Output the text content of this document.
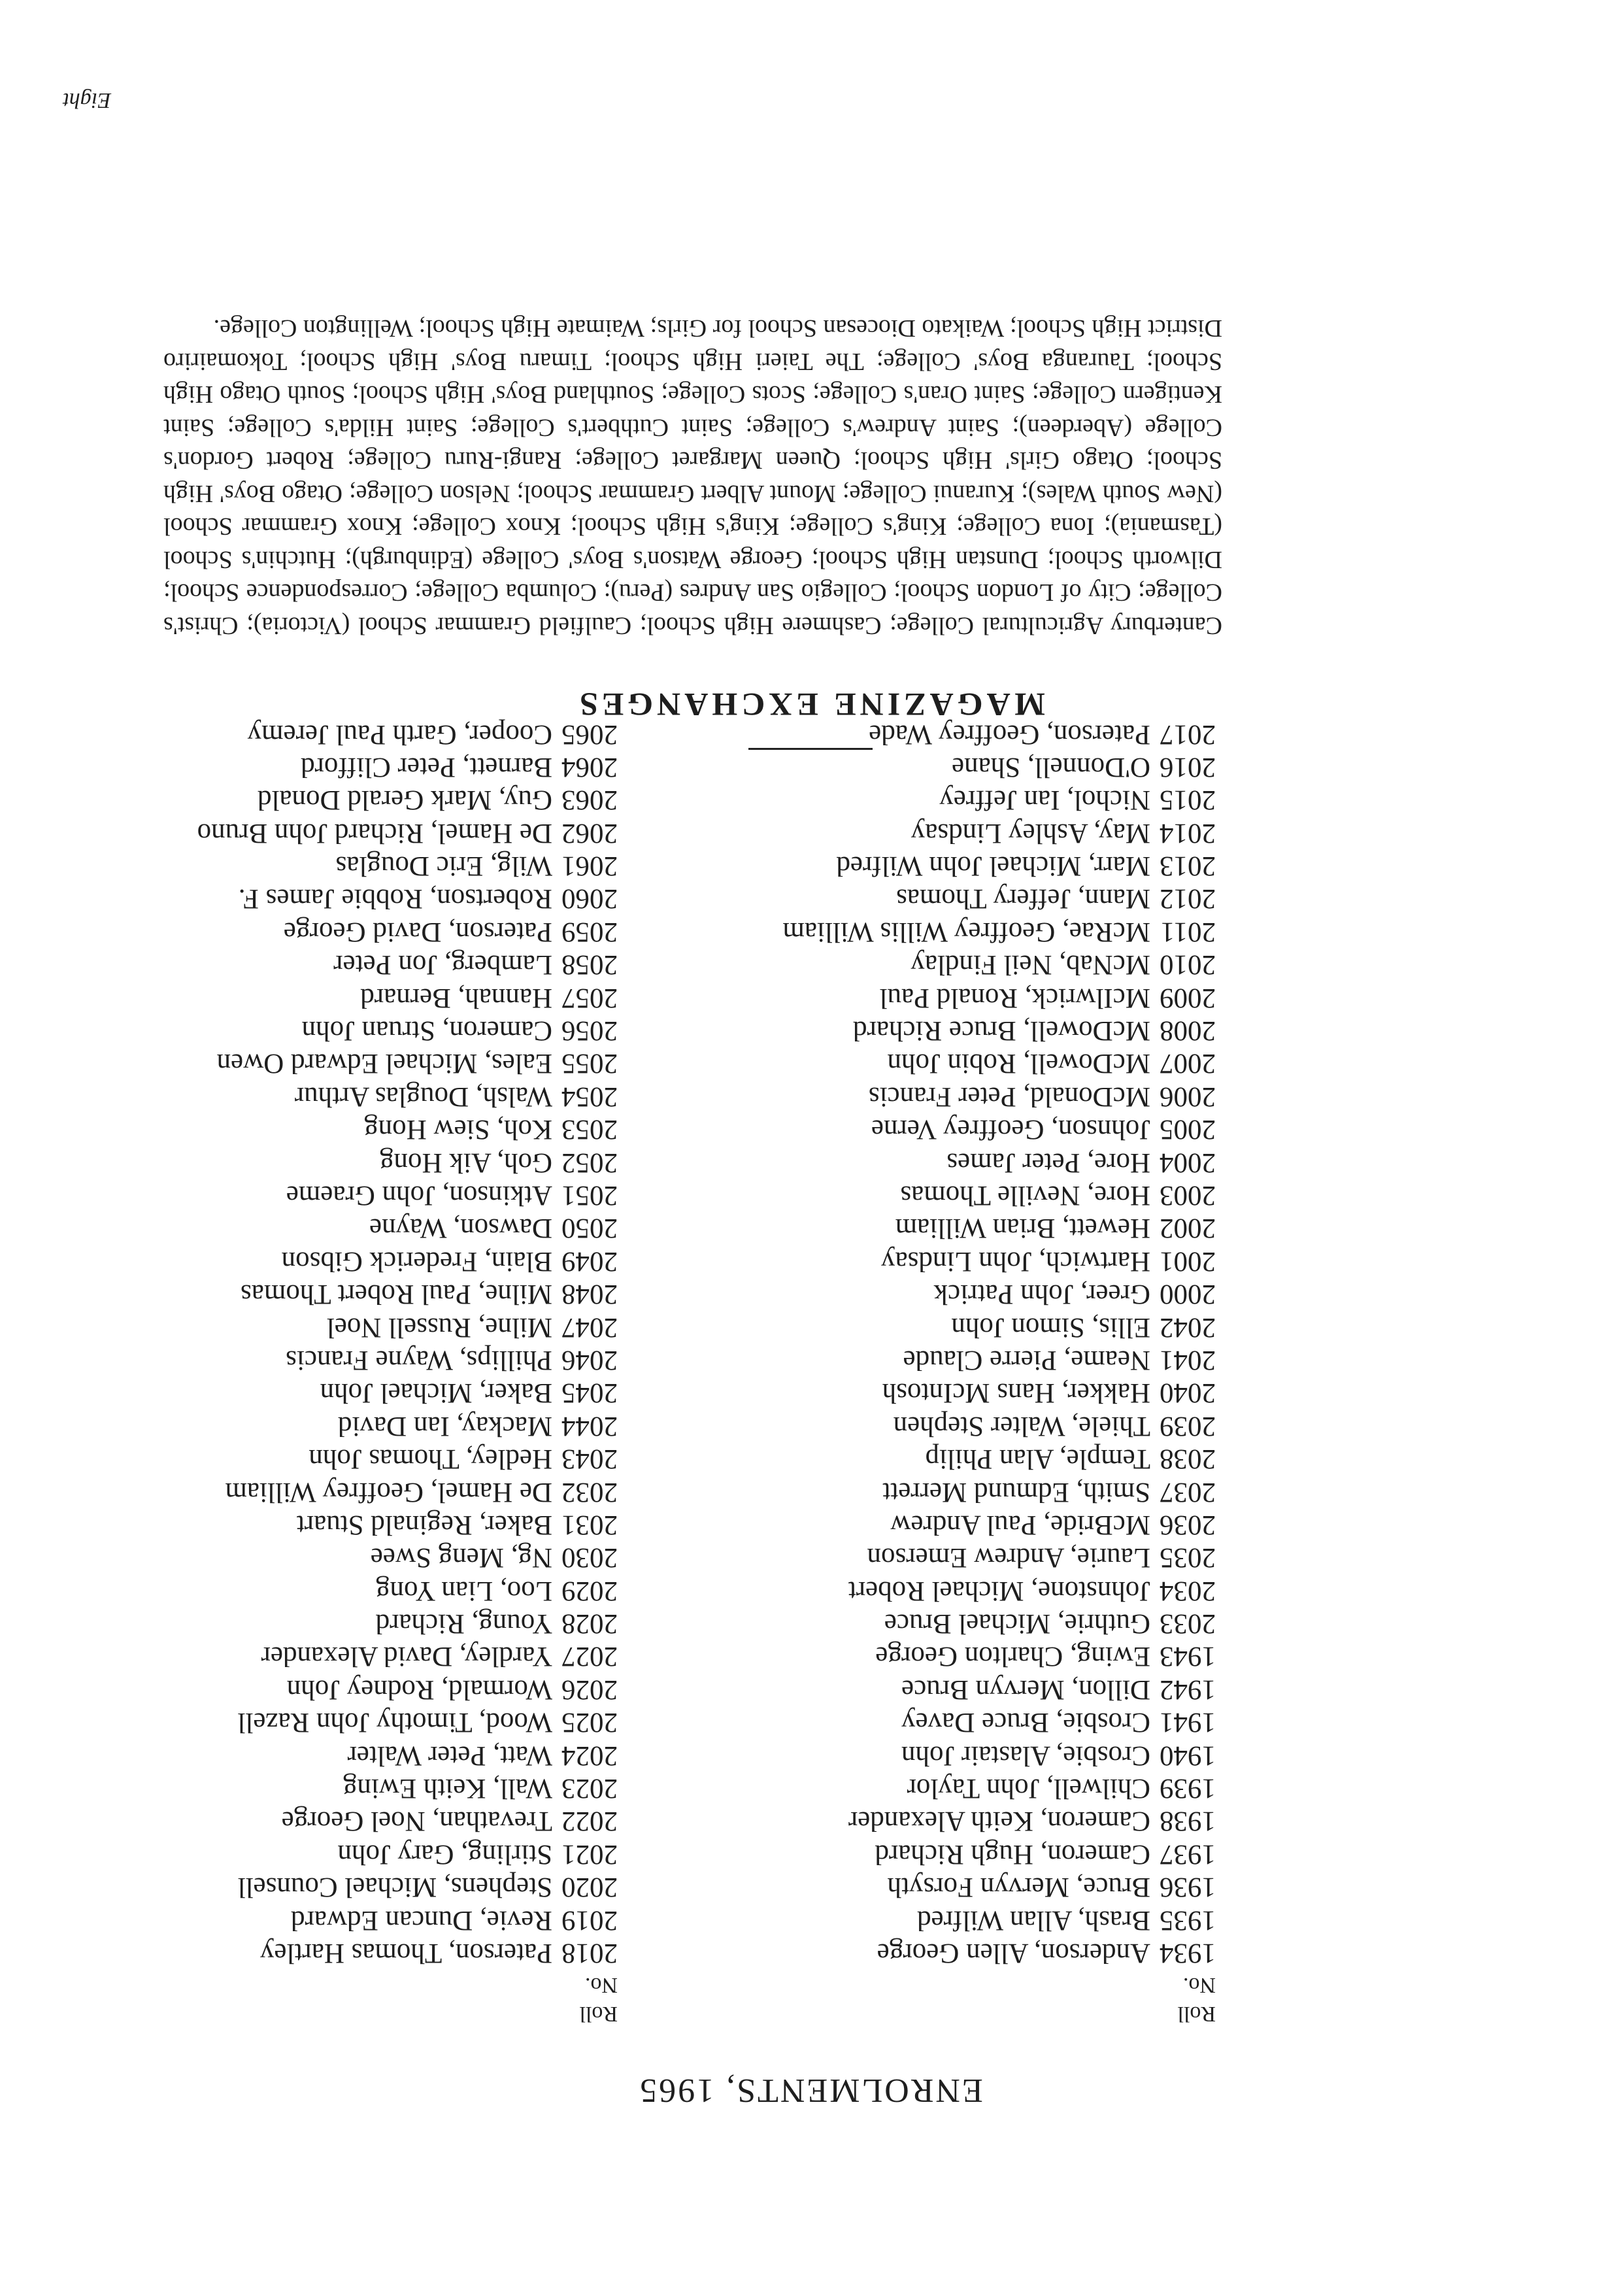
ENROLMENTS, 1965
Roll
No.
Roll
No.
1934Anderson, Allen George
1935Brash, Allan Wilfred
1936Bruce, Mervyn Forsyth
1937Cameron, Hugh Richard
1938Cameron, Keith Alexander
1939Chilwell, John Taylor
1940Crosbie, Alastair John
1941Crosbie, Bruce Davey
1942Dillon, Mervyn Bruce
1943Ewing, Charlton George
2033Guthrie, Michael Bruce
2034Johnstone, Michael Robert
2035Laurie, Andrew Emerson
2036McBride, Paul Andrew
2037Smith, Edmund Merrett
2038Temple, Alan Philip
2039Thiele, Walter Stephen
2040Hakker, Hans McIntosh
2041Neame, Pierre Claude
2042Ellis, Simon John
2000Greer, John Patrick
2001Hartwich, John Lindsay
2002Hewett, Brian William
2003Hore, Neville Thomas
2004Hore, Peter James
2005Johnson, Geoffrey Verne
2006McDonald, Peter Francis
2007McDowell, Robin John
2008McDowell, Bruce Richard
2009McIlwrick, Ronald Paul
2010McNab, Neil Findlay
2011McRae, Geoffrey Willis William
2012Mann, Jeffery Thomas
2013Marr, Michael John Wilfred
2014May, Ashley Lindsay
2015Nichol, Ian Jeffrey
2016O'Donnell, Shane
2017Paterson, Geoffrey Wade
2018Paterson, Thomas Hartley
2019Revie, Duncan Edward
2020Stephens, Michael Counsell
2021Stirling, Gary John
2022Trevathan, Noel George
2023Wall, Keith Ewing
2024Watt, Peter Walter
2025Wood, Timothy John Razell
2026Wormald, Rodney John
2027Yardley, David Alexander
2028Young, Richard
2029Loo, Lian Yong
2030Ng, Meng Swee
2031Baker, Reginald Stuart
2032De Hamel, Geoffrey William
2043Hedley, Thomas John
2044Mackay, Ian David
2045Baker, Michael John
2046Phillips, Wayne Francis
2047Milne, Russell Noel
2048Milne, Paul Robert Thomas
2049Blain, Frederick Gibson
2050Dawson, Wayne
2051Atkinson, John Graeme
2052Goh, Aik Hong
2053Koh, Siew Hong
2054Walsh, Douglas Arthur
2055Eales, Michael Edward Owen
2056Cameron, Struan John
2057Hannah, Bernard
2058Lamberg, Jon Peter
2059Paterson, David George
2060Robertson, Robbie James F.
2061Wilg, Eric Douglas
2062De Hamel, Richard John Bruno
2063Guy, Mark Gerald Donald
2064Barnett, Peter Clifford
2065Cooper, Garth Paul Jeremy
MAGAZINE EXCHANGES

Canterbury Agricultural College; Cashmere High School; Caulfield Grammar School (Victoria); Christ's College; City of London School; Collegio San Andres (Peru); Columba College; Correspondence School; Dilworth School; Dunstan High School; George Watson's Boys' College (Edinburgh); Hutchin's School (Tasmania); Iona College; King's College; King's High School; Knox College; Knox Grammar School (New South Wales); Kuranui College; Mount Albert Grammar School; Nelson College; Otago Boys' High School; Otago Girls' High School; Queen Margaret College; Rangi-Ruru College; Robert Gordon's College (Aberdeen); Saint Andrew's College; Saint Cuthbert's College; Saint Hilda's College; Saint Kentigern College; Saint Oran's College; Scots College; Southland Boys' High School; South Otago High School; Tauranga Boys' College; The Taieri High School; Timaru Boys' High School; Tokomairiro District High School; Waikato Diocesan School for Girls; Waimate High School; Wellington College.

Eight
